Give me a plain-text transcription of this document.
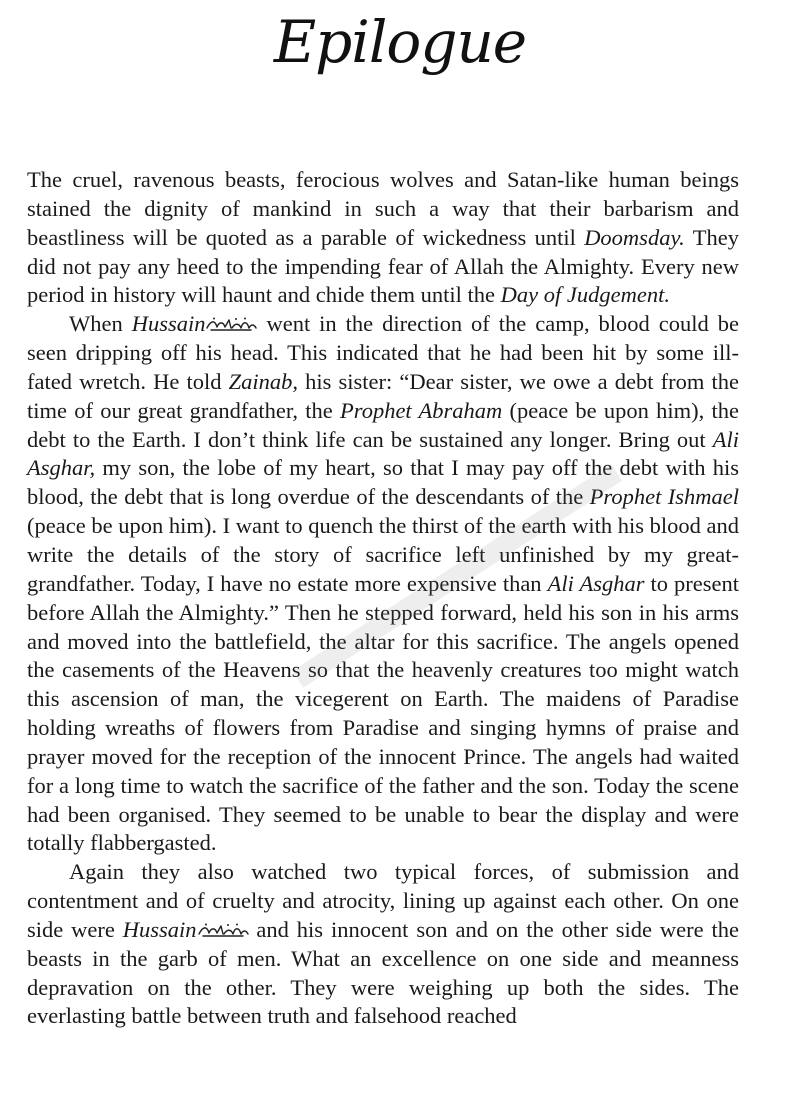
Epilogue

The cruel, ravenous beasts, ferocious wolves and Satan-like human beings stained the dignity of mankind in such a way that their barbarism and beastliness will be quoted as a parable of wickedness until Doomsday. They did not pay any heed to the impending fear of Allah the Almighty. Every new period in history will haunt and chide them until the Day of Judgement.

When Hussain	went in the direction of the camp, blood could be seen dripping off his head. This indicated that he had been hit by some ill-fated wretch. He told Zainab, his sister: “Dear sister, we owe a debt from the time of our great grandfather, the Prophet Abraham (peace be upon him), the debt to the Earth. I don’t think life can be sustained any longer. Bring out Ali Asghar, my son, the lobe of my heart, so that I may pay off the debt with his blood, the debt that is long overdue of the descendants of the Prophet Ishmael (peace be upon him). I want to quench the thirst of the earth with his blood and write the details of the story of sacrifice left unfinished by my great-grandfather. Today, I have no estate more expensive than Ali Asghar to present before Allah the Almighty.” Then he stepped forward, held his son in his arms and moved into the battlefield, the altar for this sacrifice. The angels opened the casements of the Heavens so that the heavenly creatures too might watch this ascension of man, the vicegerent on Earth. The maidens of Paradise holding wreaths of flowers from Paradise and singing hymns of praise and prayer moved for the reception of the innocent Prince. The angels had waited for a long time to watch the sacrifice of the father and the son. Today the scene had been organised. They seemed to be unable to bear the display and were totally flabbergasted.

Again they also watched two typical forces, of submission and contentment and of cruelty and atrocity, lining up against each other. On one side were Hussain	and his innocent son and on the other side were the beasts in the garb of men. What an excellence on one side and meanness depravation on the other. They were weighing up both the sides. The everlasting battle between truth and falsehood reached
